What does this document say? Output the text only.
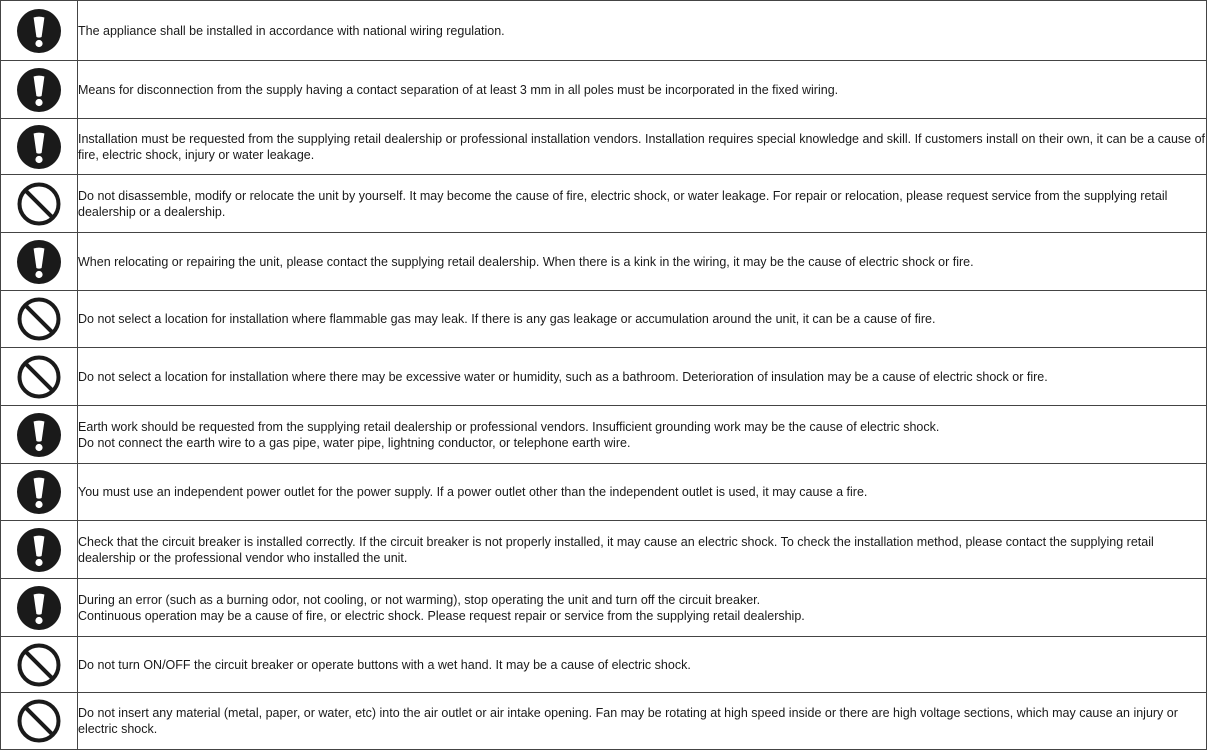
	The appliance shall be installed in accordance with national wiring regulation.

	Means for disconnection from the supply having a contact separation of at least 3 mm in all poles must be incorporated in the fixed wiring.

	Installation must be requested from the supplying retail dealership or professional installation vendors. Installation requires special knowledge and skill. If customers install on their own, it can be a cause of fire, electric shock, injury or water leakage.

	Do not disassemble, modify or relocate the unit by yourself. It may become the cause of fire, electric shock, or water leakage. For repair or relocation, please request service from the supplying retail dealership or a dealership.

	When relocating or repairing the unit, please contact the supplying retail dealership. When there is a kink in the wiring, it may be the cause of electric shock or fire.

	Do not select a location for installation where flammable gas may leak. If there is any gas leakage or accumulation around the unit, it can be a cause of fire.

	Do not select a location for installation where there may be excessive water or humidity, such as a bathroom. Deterioration of insulation may be a cause of electric shock or fire.

	Earth work should be requested from the supplying retail dealership or professional vendors. Insufficient grounding work may be the cause of electric shock.
Do not connect the earth wire to a gas pipe, water pipe, lightning conductor, or telephone earth wire.

	You must use an independent power outlet for the power supply. If a power outlet other than the independent outlet is used, it may cause a fire.

	Check that the circuit breaker is installed correctly. If the circuit breaker is not properly installed, it may cause an electric shock. To check the installation method, please contact the supplying retail dealership or the professional vendor who installed the unit.

	During an error (such as a burning odor, not cooling, or not warming), stop operating the unit and turn off the circuit breaker.
Continuous operation may be a cause of fire, or electric shock. Please request repair or service from the supplying retail dealership.

	Do not turn ON/OFF the circuit breaker or operate buttons with a wet hand. It may be a cause of electric shock.

	Do not insert any material (metal, paper, or water, etc) into the air outlet or air intake opening. Fan may be rotating at high speed inside or there are high voltage sections, which may cause an injury or electric shock.
